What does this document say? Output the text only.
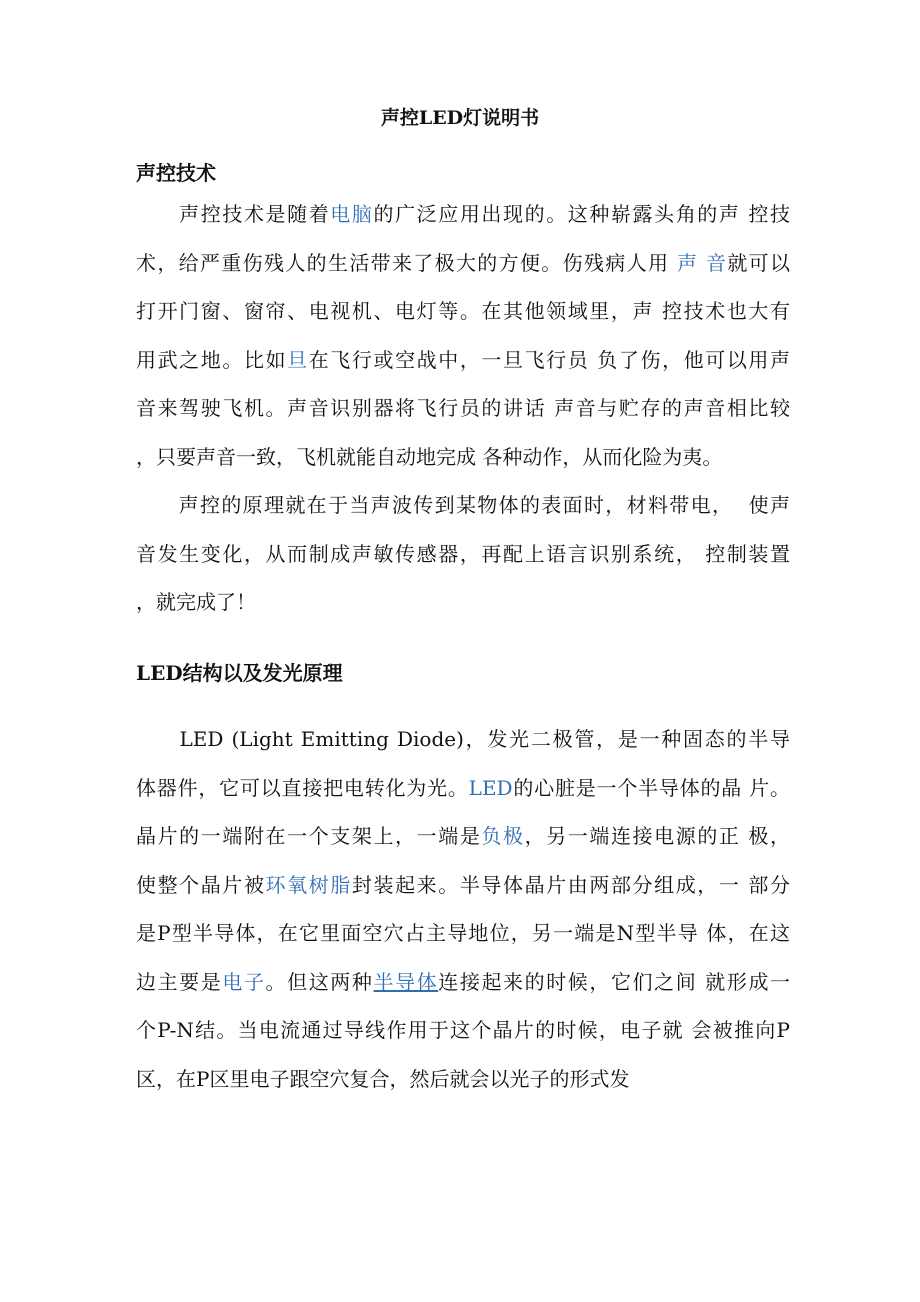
声控LED灯说明书
声控技术
　　声控技术是随着电脑的广泛应用出现的。这种崭露头角的声 控技
术，给严重伤残人的生活带来了极大的方便。伤残病人用 声 音就可以
打开门窗、窗帘、电视机、电灯等。在其他领域里，声 控技术也大有
用武之地。比如旦在飞行或空战中，一旦飞行员 负了伤，他可以用声
音来驾驶飞机。声音识别器将飞行员的讲话 声音与贮存的声音相比较
，只要声音一致，飞机就能自动地完成 各种动作，从而化险为夷。
　　声控的原理就在于当声波传到某物体的表面时，材料带电，  使声
音发生变化，从而制成声敏传感器，再配上语言识别系统， 控制装置
，就完成了！
LED结构以及发光原理
　　LED (Light Emitting Diode)，发光二极管，是一种固态的半导
体器件，它可以直接把电转化为光。LED的心脏是一个半导体的晶 片。
晶片的一端附在一个支架上，一端是负极，另一端连接电源的正 极，
使整个晶片被环氧树脂封装起来。半导体晶片由两部分组成，一 部分
是P型半导体，在它里面空穴占主导地位，另一端是N型半导 体，在这
边主要是电子。但这两种半导体连接起来的时候，它们之间 就形成一
个P-N结。当电流通过导线作用于这个晶片的时候，电子就 会被推向P
区，在P区里电子跟空穴复合，然后就会以光子的形式发
